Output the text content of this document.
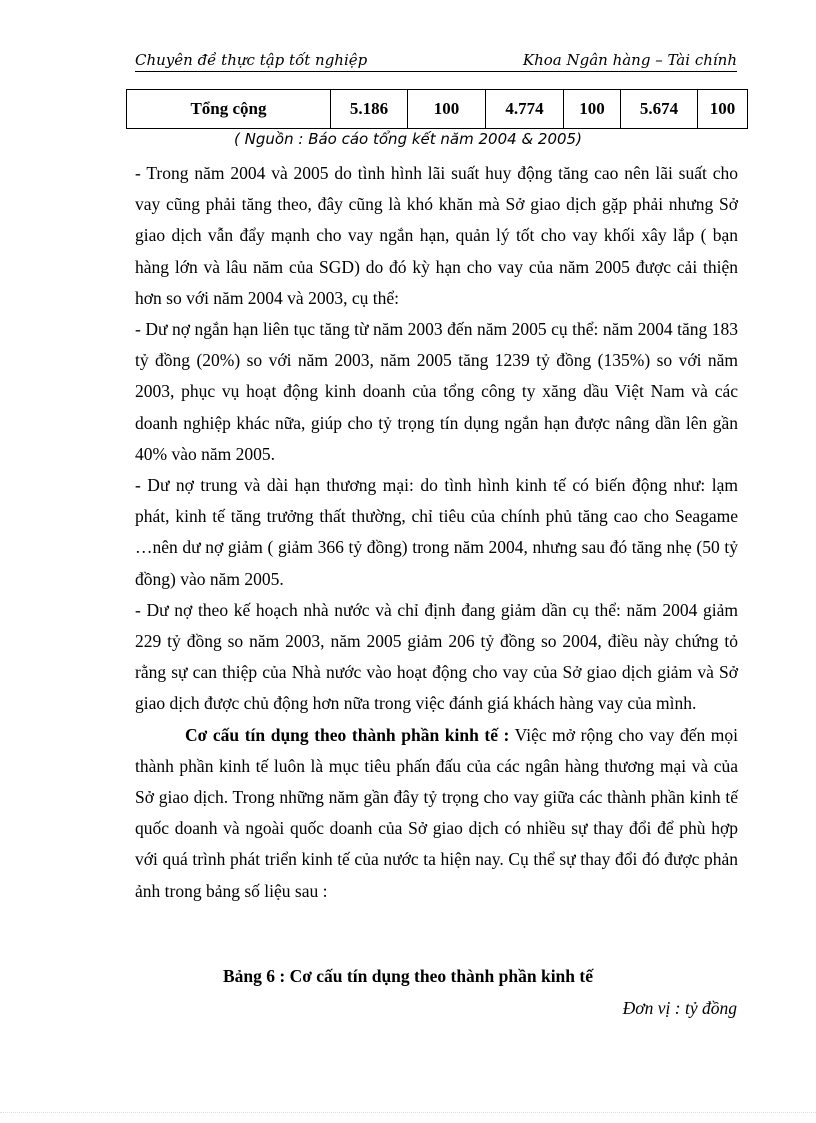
Chuyên đề thực tập tốt nghiệp	Khoa Ngân hàng – Tài chính
Tổng cộng	5.186	100	4.774	100	5.674	100
( Nguồn : Báo cáo tổng kết năm 2004 & 2005)

- Trong năm 2004 và 2005 do tình hình lãi suất huy động tăng cao nên lãi suất cho vay cũng phải tăng theo, đây cũng là khó khăn mà Sở giao dịch gặp phải nhưng Sở giao dịch vẫn đẩy mạnh cho vay ngắn hạn, quản lý tốt cho vay khối xây lắp ( bạn hàng lớn và lâu năm của SGD) do đó kỳ hạn cho vay của năm 2005 được cải thiện hơn so với năm 2004 và 2003, cụ thể:

- Dư nợ ngắn hạn liên tục tăng từ năm 2003 đến năm 2005 cụ thể: năm 2004 tăng 183 tỷ đồng (20%) so với năm 2003, năm 2005 tăng 1239 tỷ đồng (135%) so với năm 2003, phục vụ hoạt động kinh doanh của tổng công ty xăng dầu Việt Nam và các doanh nghiệp khác nữa, giúp cho tỷ trọng tín dụng ngắn hạn được nâng dần lên gần 40% vào năm 2005.

- Dư nợ trung và dài hạn thương mại: do tình hình kinh tế có biến động như: lạm phát, kinh tế tăng trưởng thất thường, chỉ tiêu của chính phủ tăng cao cho Seagame …nên dư nợ giảm ( giảm 366 tỷ đồng) trong năm 2004, nhưng sau đó tăng nhẹ (50 tỷ đồng) vào năm 2005.

- Dư nợ theo kế hoạch nhà nước và chỉ định đang giảm dần cụ thể: năm 2004 giảm 229 tỷ đồng so năm 2003, năm 2005 giảm 206 tỷ đồng so 2004, điều này chứng tỏ rằng sự can thiệp của Nhà nước vào hoạt động cho vay của Sở giao dịch giảm và Sở giao dịch được chủ động hơn nữa trong việc đánh giá khách hàng vay của mình.

Cơ cấu tín dụng theo thành phần kinh tế : Việc mở rộng cho vay đến mọi thành phần kinh tế luôn là mục tiêu phấn đấu của các ngân hàng thương mại và của Sở giao dịch. Trong những năm gần đây tỷ trọng cho vay giữa các thành phần kinh tế quốc doanh và ngoài quốc doanh của Sở giao dịch có nhiều sự thay đổi để phù hợp với quá trình phát triển kinh tế của nước ta hiện nay. Cụ thể sự thay đổi đó được phản ảnh trong bảng số liệu sau :

Bảng 6 : Cơ cấu tín dụng theo thành phần kinh tế
Đơn vị : tỷ đồng
